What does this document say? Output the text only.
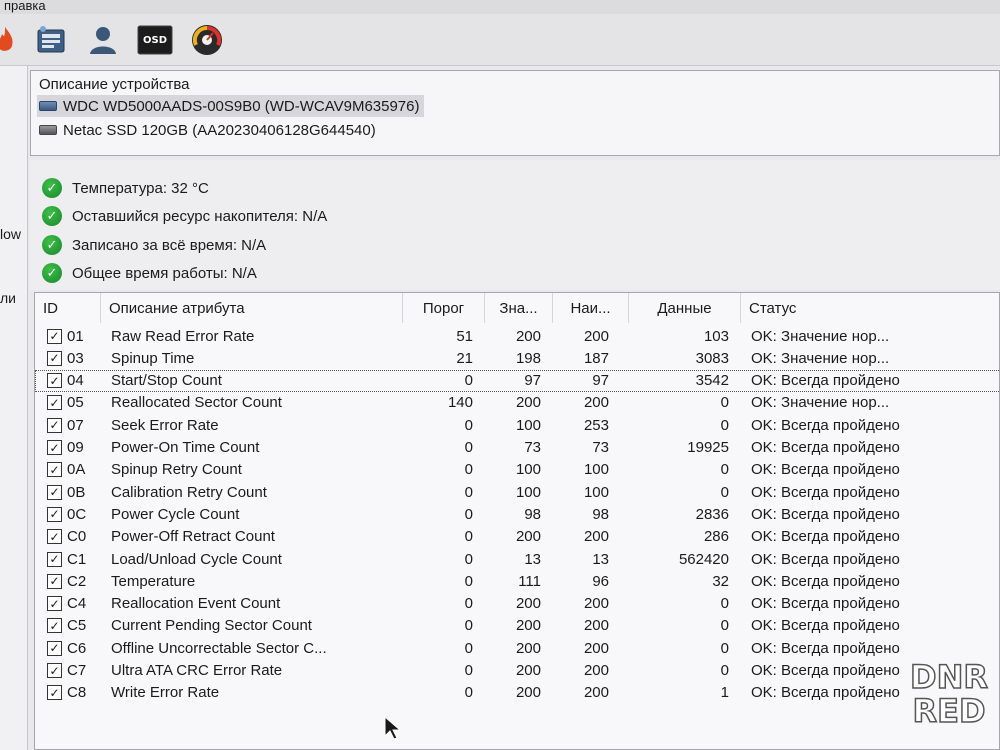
правка
OSD
low
ли
Описание устройства
WDC WD5000AADS-00S9B0 (WD-WCAV9M635976)
Netac SSD 120GB (AA20230406128G644540)
✓ Температура: 32 °C
✓ Оставшийся ресурс накопителя: N/A
✓ Записано за всё время: N/A
✓ Общее время работы: N/A
ID	Описание атрибута	Порог	Зна...	Наи...	Данные	Статус
✓ 01 Raw Read Error Rate	51	200	200	103 OK: Значение нор...
✓ 03 Spinup Time	21	198	187	3083 OK: Значение нор...
✓ 04 Start/Stop Count	0	97	97	3542 OK: Всегда пройдено
✓ 05 Reallocated Sector Count	140	200	200	0 OK: Значение нор...
✓ 07 Seek Error Rate	0	100	253	0 OK: Всегда пройдено
✓ 09 Power-On Time Count	0	73	73	19925 OK: Всегда пройдено
✓ 0A Spinup Retry Count	0	100	100	0 OK: Всегда пройдено
✓ 0B Calibration Retry Count	0	100	100	0 OK: Всегда пройдено
✓ 0C Power Cycle Count	0	98	98	2836 OK: Всегда пройдено
✓ C0 Power-Off Retract Count	0	200	200	286 OK: Всегда пройдено
✓ C1 Load/Unload Cycle Count	0	13	13	562420 OK: Всегда пройдено
✓ C2 Temperature	0	111	96	32 OK: Всегда пройдено
✓ C4 Reallocation Event Count	0	200	200	0 OK: Всегда пройдено
✓ C5 Current Pending Sector Count	0	200	200	0 OK: Всегда пройдено
✓ C6 Offline Uncorrectable Sector C...	0	200	200	0 OK: Всегда пройдено
✓ C7 Ultra ATA CRC Error Rate	0	200	200	0 OK: Всегда пройдено
✓ C8 Write Error Rate	0	200	200	1 OK: Всегда пройдено DNR
RED
